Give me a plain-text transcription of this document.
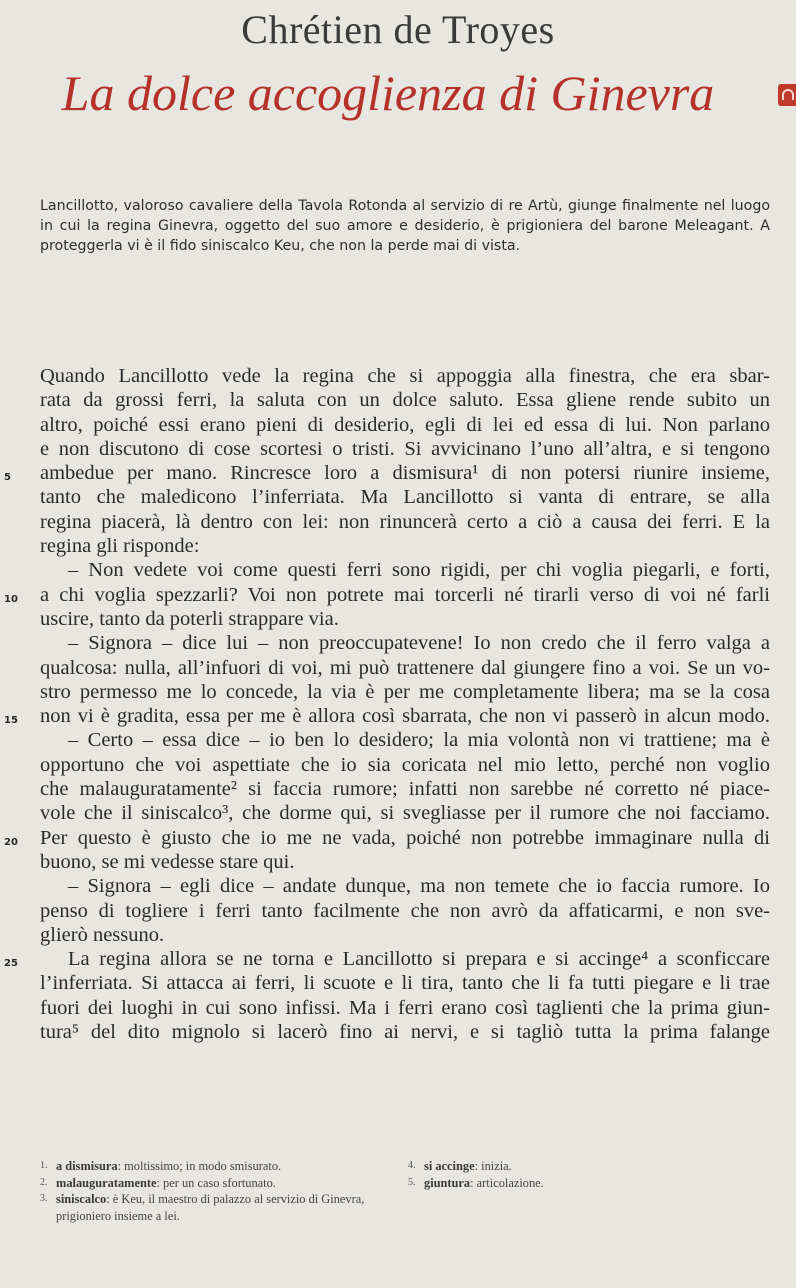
Chrétien de Troyes
La dolce accoglienza di Ginevra
Lancillotto, valoroso cavaliere della Tavola Rotonda al servizio di re Artù, giunge finalmente nel luogo in cui la regina Ginevra, oggetto del suo amore e desiderio, è prigioniera del barone Meleagant. A proteggerla vi è il fido siniscalco Keu, che non la perde mai di vista.
Quando Lancillotto vede la regina che si appoggia alla finestra, che era sbar-
rata da grossi ferri, la saluta con un dolce saluto. Essa gliene rende subito un
altro, poiché essi erano pieni di desiderio, egli di lei ed essa di lui. Non parlano
e non discutono di cose scortesi o tristi. Si avvicinano l’uno all’altra, e si tengono
5	ambedue per mano. Rincresce loro a dismisura¹ di non potersi riunire insieme,
tanto che maledicono l’inferriata. Ma Lancillotto si vanta di entrare, se alla
regina piacerà, là dentro con lei: non rinuncerà certo a ciò a causa dei ferri. E la
regina gli risponde:
– Non vedete voi come questi ferri sono rigidi, per chi voglia piegarli, e forti,
10	a chi voglia spezzarli? Voi non potrete mai torcerli né tirarli verso di voi né farli
uscire, tanto da poterli strappare via.
– Signora – dice lui – non preoccupatevene! Io non credo che il ferro valga a
qualcosa: nulla, all’infuori di voi, mi può trattenere dal giungere fino a voi. Se un vo-
stro permesso me lo concede, la via è per me completamente libera; ma se la cosa
15	non vi è gradita, essa per me è allora così sbarrata, che non vi passerò in alcun modo.
– Certo – essa dice – io ben lo desidero; la mia volontà non vi trattiene; ma è
opportuno che voi aspettiate che io sia coricata nel mio letto, perché non voglio
che malauguratamente² si faccia rumore; infatti non sarebbe né corretto né piace-
vole che il siniscalco³, che dorme qui, si svegliasse per il rumore che noi facciamo.
20	Per questo è giusto che io me ne vada, poiché non potrebbe immaginare nulla di
buono, se mi vedesse stare qui.
– Signora – egli dice – andate dunque, ma non temete che io faccia rumore. Io
penso di togliere i ferri tanto facilmente che non avrò da affaticarmi, e non sve-
glierò nessuno.
25	La regina allora se ne torna e Lancillotto si prepara e si accinge⁴ a sconficcare
l’inferriata. Si attacca ai ferri, li scuote e li tira, tanto che li fa tutti piegare e li trae
fuori dei luoghi in cui sono infissi. Ma i ferri erano così taglienti che la prima giun-
tura⁵ del dito mignolo si lacerò fino ai nervi, e si tagliò tutta la prima falange
1. a dismisura: moltissimo; in modo smisurato.
2. malauguratamente: per un caso sfortunato.
3. siniscalco: è Keu, il maestro di palazzo al servizio di Ginevra, prigioniero insieme a lei.
4. si accinge: inizia.
5. giuntura: articolazione.
